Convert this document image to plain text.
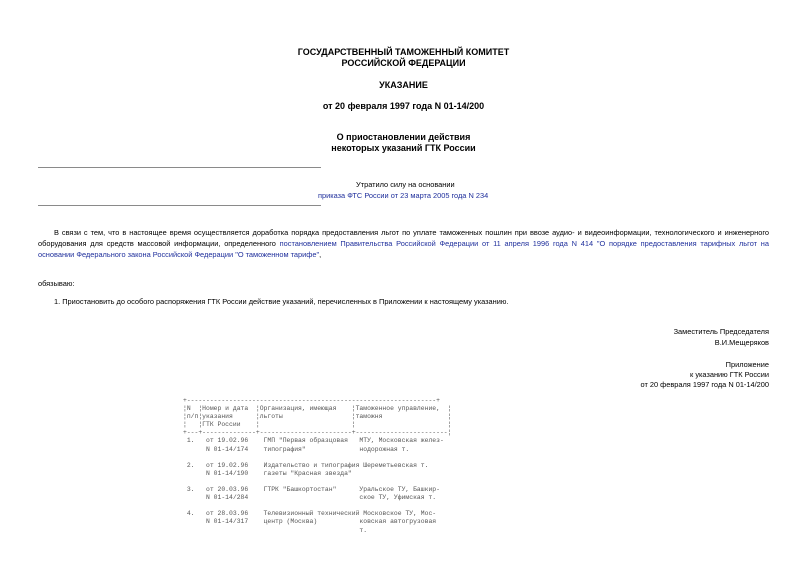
ГОСУДАРСТВЕННЫЙ ТАМОЖЕННЫЙ КОМИТЕТ
РОССИЙСКОЙ ФЕДЕРАЦИИ
УКАЗАНИЕ
от 20 февраля 1997 года N 01-14/200
О приостановлении действия
некоторых указаний ГТК России
Утратило силу на основании
приказа ФТС России от 23 марта 2005 года N 234
В связи с тем, что в настоящее время осуществляется доработка порядка предоставления льгот по уплате таможенных пошлин при ввозе аудио- и видеоинформации, технологического и инженерного оборудования для средств массовой информации, определенного постановлением Правительства Российской Федерации от 11 апреля 1996 года N 414 "О порядке предоставления тарифных льгот на основании Федерального закона Российской Федерации "О таможенном тарифе",
обязываю:
1. Приостановить до особого распоряжения ГТК России действие указаний, перечисленных в Приложении к настоящему указанию.
Заместитель Председателя
В.И.Мещеряков
Приложение
к указанию ГТК России
от 20 февраля 1997 года N 01-14/200
+-----------------------------------------------------------------+
¦N  ¦Номер и дата  ¦Организация, имеющая    ¦Таможенное управление,  ¦
¦п/п¦указания      ¦льготы                  ¦таможня                 ¦
¦   ¦ГТК России    ¦                        ¦                        ¦
+---+--------------+------------------------+------------------------¦
1.   от 19.02.96    ГМП "Первая образцовая   МТУ, Московская желез-
N 01-14/174    типография"              нодорожная т.

2.   от 19.02.96    Издательство и типография Шереметьевская т.
N 01-14/190    газеты "Красная звезда"

3.   от 20.03.96    ГТРК "Башкортостан"      Уральское ТУ, Башкир-
N 01-14/284                             ское ТУ, Уфимская т.

4.   от 28.03.96    Телевизионный технический Московское ТУ, Мос-
N 01-14/317    центр (Москва)           ковская автогрузовая
т.
